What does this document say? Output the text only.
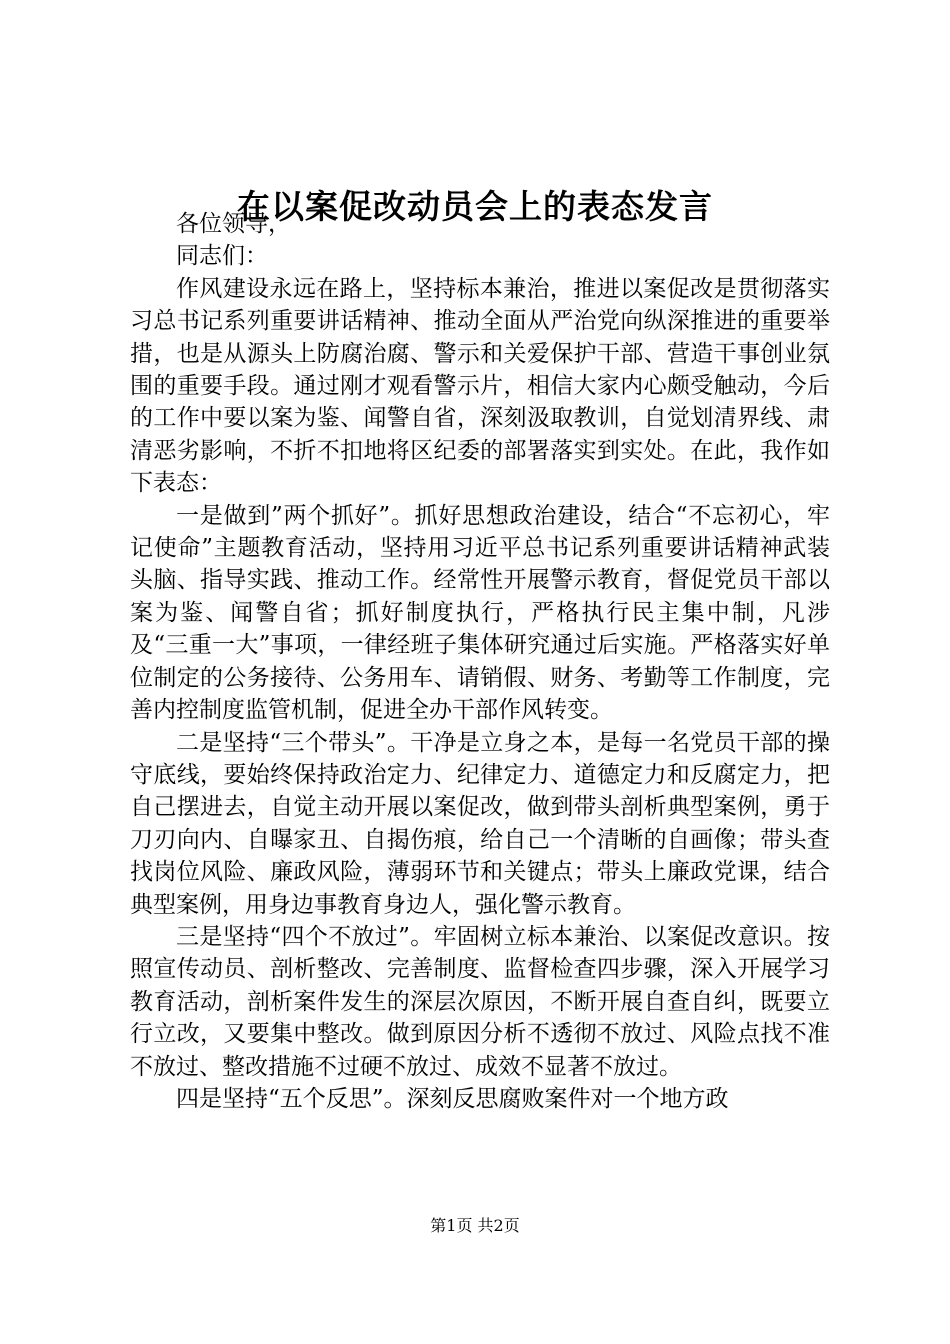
在以案促改动员会上的表态发言

各位领导，

同志们：

作风建设永远在路上，坚持标本兼治，推进以案促改是贯彻落实习总书记系列重要讲话精神、推动全面从严治党向纵深推进的重要举措，也是从源头上防腐治腐、警示和关爱保护干部、营造干事创业氛围的重要手段。通过刚才观看警示片，相信大家内心颇受触动，今后的工作中要以案为鉴、闻警自省，深刻汲取教训，自觉划清界线、肃清恶劣影响，不折不扣地将区纪委的部署落实到实处。在此，我作如下表态：

一是做到”两个抓好”。抓好思想政治建设，结合“不忘初心，牢记使命”主题教育活动，坚持用习近平总书记系列重要讲话精神武装头脑、指导实践、推动工作。经常性开展警示教育，督促党员干部以案为鉴、闻警自省；抓好制度执行，严格执行民主集中制，凡涉及“三重一大”事项，一律经班子集体研究通过后实施。严格落实好单位制定的公务接待、公务用车、请销假、财务、考勤等工作制度，完善内控制度监管机制，促进全办干部作风转变。

二是坚持“三个带头”。干净是立身之本，是每一名党员干部的操守底线，要始终保持政治定力、纪律定力、道德定力和反腐定力，把自己摆进去，自觉主动开展以案促改，做到带头剖析典型案例，勇于刀刃向内、自曝家丑、自揭伤痕，给自己一个清晰的自画像；带头查找岗位风险、廉政风险，薄弱环节和关键点；带头上廉政党课，结合典型案例，用身边事教育身边人，强化警示教育。

三是坚持“四个不放过”。牢固树立标本兼治、以案促改意识。按照宣传动员、剖析整改、完善制度、监督检查四步骤，深入开展学习教育活动，剖析案件发生的深层次原因，不断开展自查自纠，既要立行立改，又要集中整改。做到原因分析不透彻不放过、风险点找不准不放过、整改措施不过硬不放过、成效不显著不放过。

四是坚持“五个反思”。深刻反思腐败案件对一个地方政

第1页 共2页
